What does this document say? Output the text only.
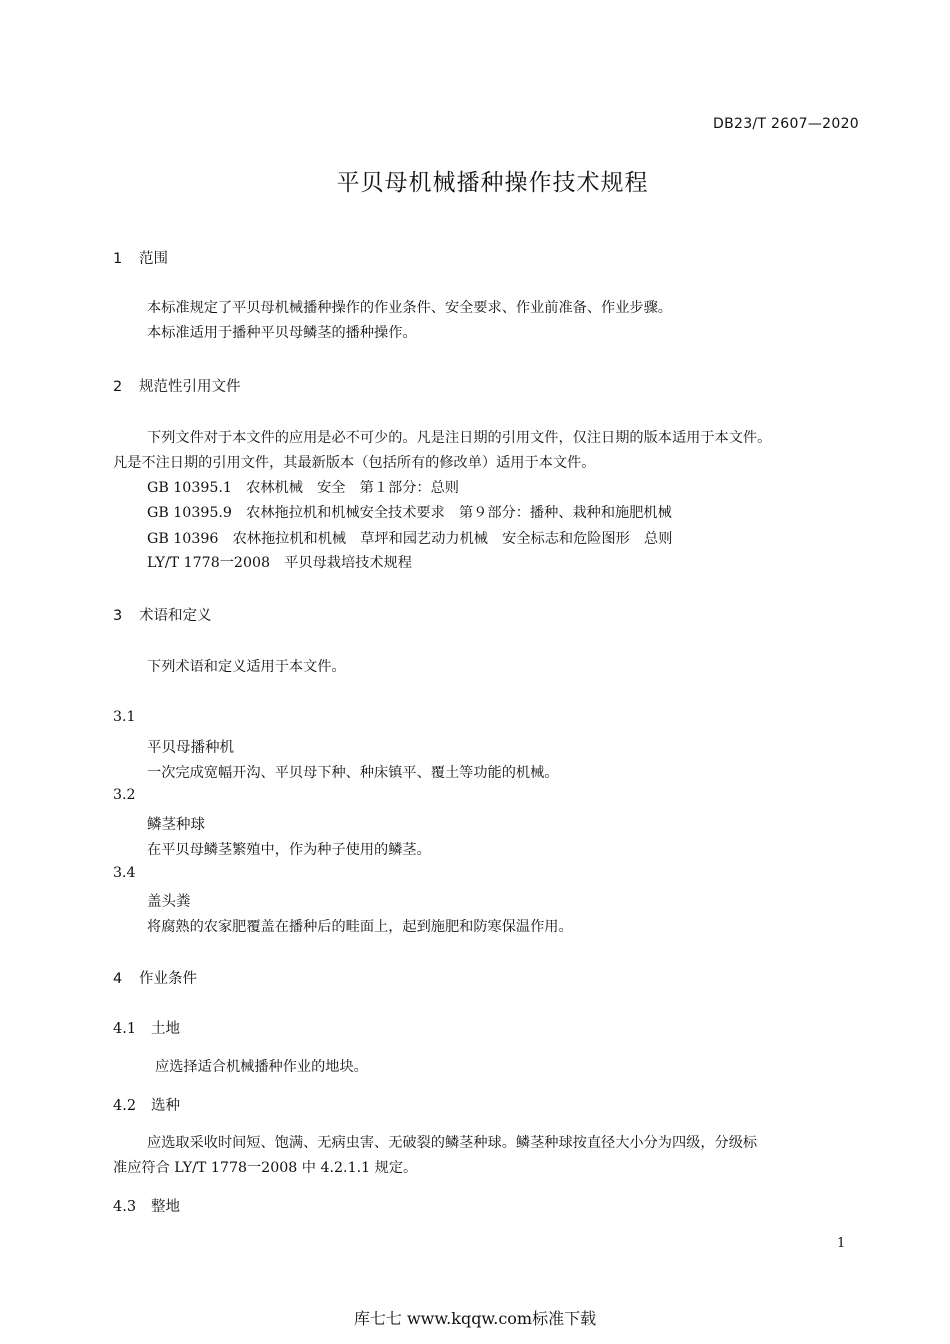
DB23/T 2607—2020
平贝母机械播种操作技术规程
1 范围
本标准规定了平贝母机械播种操作的作业条件、安全要求、作业前准备、作业步骤。
本标准适用于播种平贝母鳞茎的播种操作。
2 规范性引用文件
下列文件对于本文件的应用是必不可少的。凡是注日期的引用文件，仅注日期的版本适用于本文件。
凡是不注日期的引用文件，其最新版本（包括所有的修改单）适用于本文件。
GB 10395.1　农林机械　安全　第１部分：总则
GB 10395.9　农林拖拉机和机械安全技术要求　第９部分：播种、栽种和施肥机械
GB 10396　农林拖拉机和机械　草坪和园艺动力机械　安全标志和危险图形　总则
LY/T 1778一2008　平贝母栽培技术规程
3 术语和定义
下列术语和定义适用于本文件。
3.1
平贝母播种机
一次完成宽幅开沟、平贝母下种、种床镇平、覆土等功能的机械。
3.2
鳞茎种球
在平贝母鳞茎繁殖中，作为种子使用的鳞茎。
3.4
盖头粪
将腐熟的农家肥覆盖在播种后的畦面上，起到施肥和防寒保温作用。
4 作业条件
4.1 土地
应选择适合机械播种作业的地块。
4.2 选种
应选取采收时间短、饱满、无病虫害、无破裂的鳞茎种球。鳞茎种球按直径大小分为四级，分级标
准应符合 LY/T 1778一2008 中 4.2.1.1 规定。
4.3 整地
1
库七七 www.kqqw.com标准下载
